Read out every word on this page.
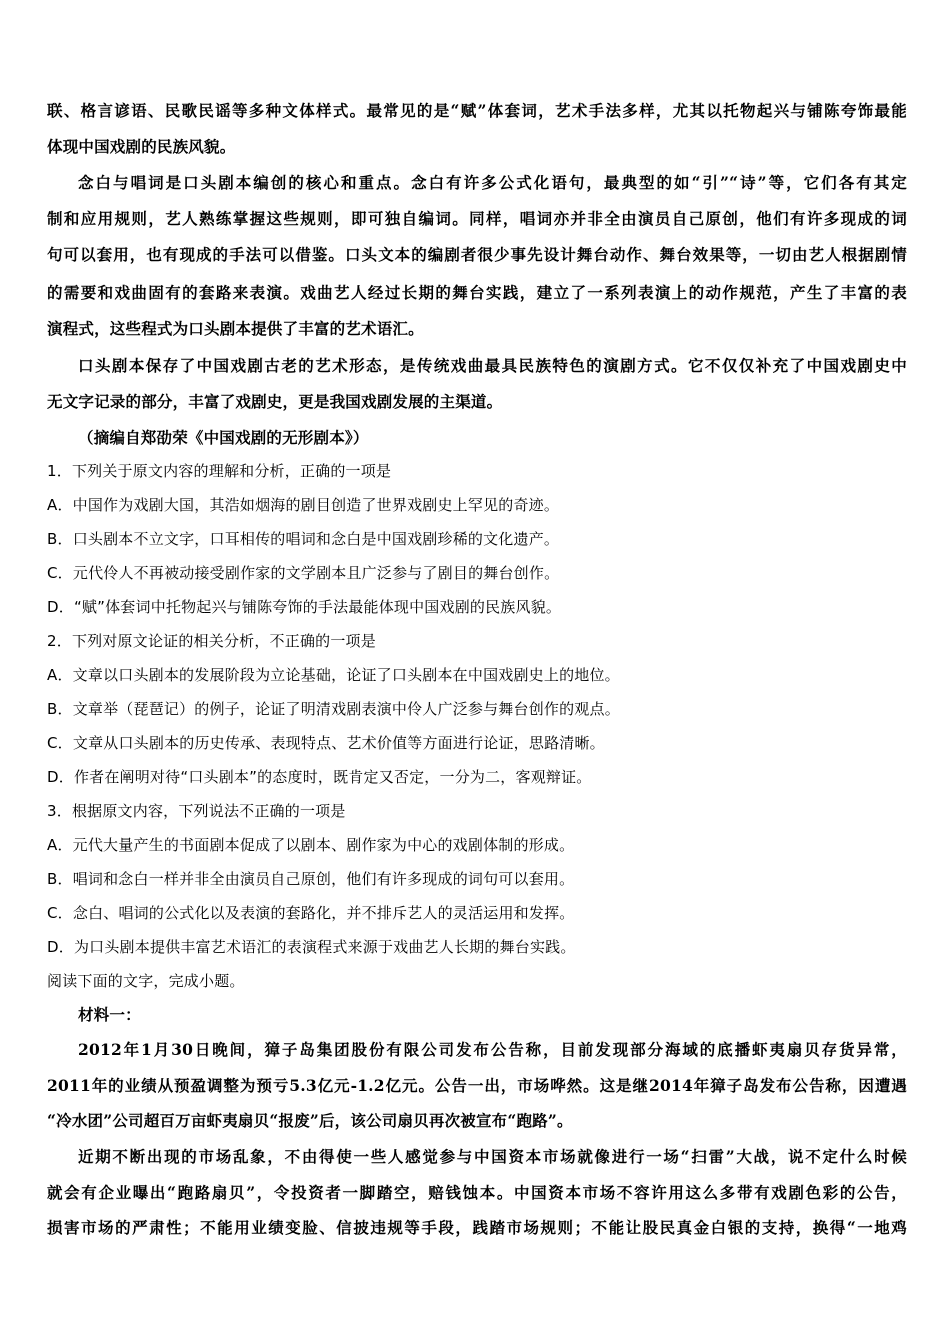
联、格言谚语、民歌民谣等多种文体样式。最常见的是“赋”体套词，艺术手法多样，尤其以托物起兴与铺陈夸饰最能
体现中国戏剧的民族风貌。
念白与唱词是口头剧本编创的核心和重点。念白有许多公式化语句，最典型的如“引”“诗”等，它们各有其定
制和应用规则，艺人熟练掌握这些规则，即可独自编词。同样，唱词亦并非全由演员自己原创，他们有许多现成的词
句可以套用，也有现成的手法可以借鉴。口头文本的编剧者很少事先设计舞台动作、舞台效果等，一切由艺人根据剧情
的需要和戏曲固有的套路来表演。戏曲艺人经过长期的舞台实践，建立了一系列表演上的动作规范，产生了丰富的表
演程式，这些程式为口头剧本提供了丰富的艺术语汇。
口头剧本保存了中国戏剧古老的艺术形态，是传统戏曲最具民族特色的演剧方式。它不仅仅补充了中国戏剧史中
无文字记录的部分，丰富了戏剧史，更是我国戏剧发展的主渠道。
（摘编自郑劭荣《中国戏剧的无形剧本》）
1．下列关于原文内容的理解和分析，正确的一项是
A．中国作为戏剧大国，其浩如烟海的剧目创造了世界戏剧史上罕见的奇迹。
B．口头剧本不立文字，口耳相传的唱词和念白是中国戏剧珍稀的文化遗产。
C．元代伶人不再被动接受剧作家的文学剧本且广泛参与了剧目的舞台创作。
D．“赋”体套词中托物起兴与铺陈夸饰的手法最能体现中国戏剧的民族风貌。
2．下列对原文论证的相关分析，不正确的一项是
A．文章以口头剧本的发展阶段为立论基础，论证了口头剧本在中国戏剧史上的地位。
B．文章举（琵琶记）的例子，论证了明清戏剧表演中伶人广泛参与舞台创作的观点。
C．文章从口头剧本的历史传承、表现特点、艺术价值等方面进行论证，思路清晰。
D．作者在阐明对待“口头剧本”的态度时，既肯定又否定，一分为二，客观辩证。
3．根据原文内容，下列说法不正确的一项是
A．元代大量产生的书面剧本促成了以剧本、剧作家为中心的戏剧体制的形成。
B．唱词和念白一样并非全由演员自己原创，他们有许多现成的词句可以套用。
C．念白、唱词的公式化以及表演的套路化，并不排斥艺人的灵活运用和发挥。
D．为口头剧本提供丰富艺术语汇的表演程式来源于戏曲艺人长期的舞台实践。
阅读下面的文字，完成小题。
材料一：
2012年1月30日晚间，獐子岛集团股份有限公司发布公告称，目前发现部分海域的底播虾夷扇贝存货异常，
2011年的业绩从预盈调整为预亏5.3亿元-1.2亿元。公告一出，市场哗然。这是继2014年獐子岛发布公告称，因遭遇
“冷水团”公司超百万亩虾夷扇贝“报废”后，该公司扇贝再次被宣布“跑路”。
近期不断出现的市场乱象，不由得使一些人感觉参与中国资本市场就像进行一场“扫雷”大战，说不定什么时候
就会有企业曝出“跑路扇贝”，令投资者一脚踏空，赔钱蚀本。中国资本市场不容许用这么多带有戏剧色彩的公告，
损害市场的严肃性；不能用业绩变脸、信披违规等手段，践踏市场规则；不能让股民真金白银的支持，换得“一地鸡
